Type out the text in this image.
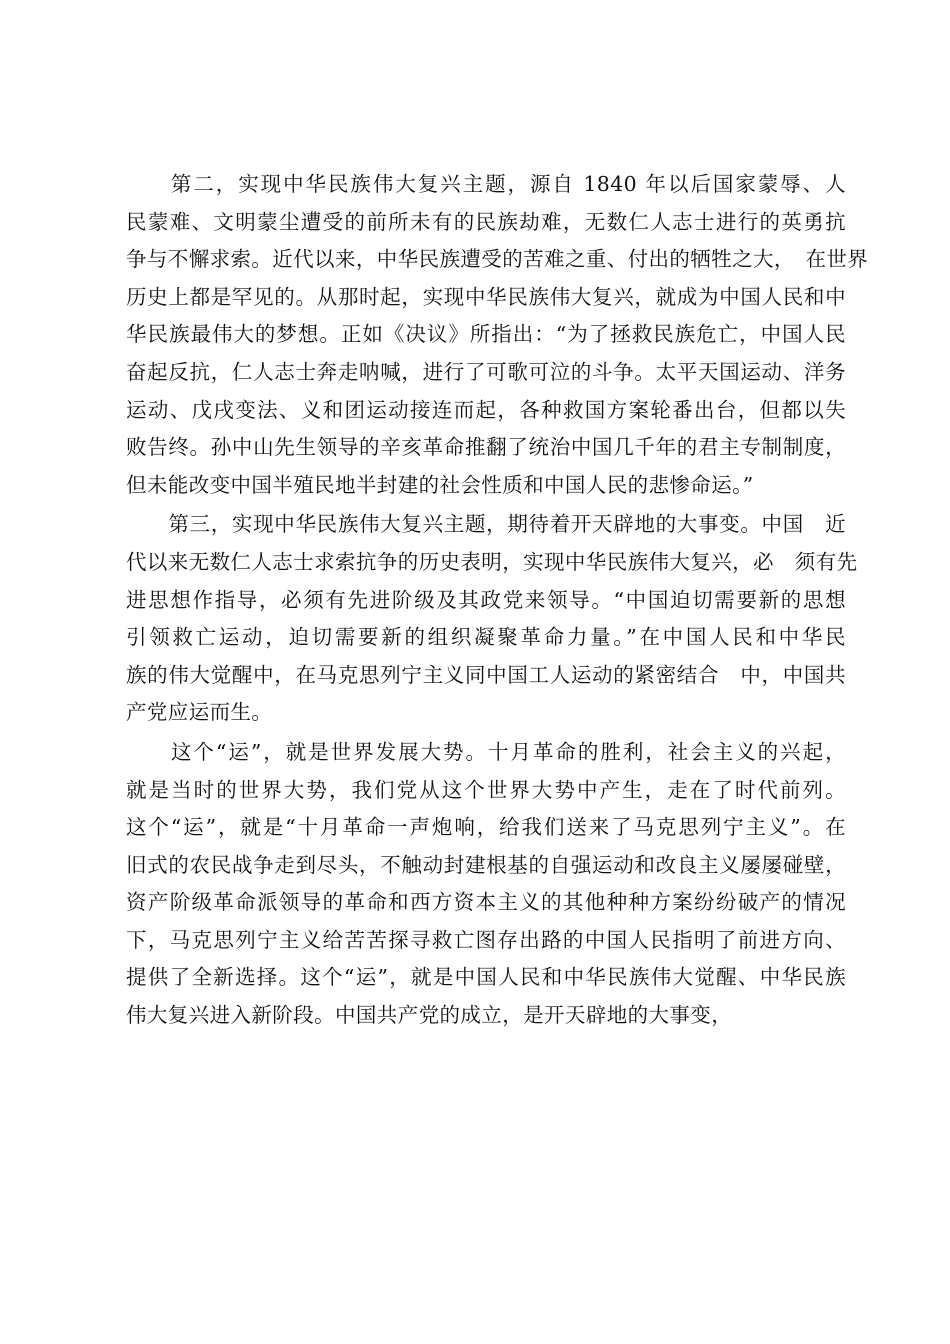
　　第二，实现中华民族伟大复兴主题，源自 1840 年以后国家蒙辱、人
民蒙难、文明蒙尘遭受的前所未有的民族劫难，无数仁人志士进行的英勇抗
争与不懈求索。近代以来，中华民族遭受的苦难之重、付出的牺牲之大，　在世界
历史上都是罕见的。从那时起，实现中华民族伟大复兴，就成为中国人民和中
华民族最伟大的梦想。正如《决议》所指出：“为了拯救民族危亡，中国人民
奋起反抗，仁人志士奔走呐喊，进行了可歌可泣的斗争。太平天国运动、洋务
运动、戊戌变法、义和团运动接连而起，各种救国方案轮番出台，但都以失
败告终。孙中山先生领导的辛亥革命推翻了统治中国几千年的君主专制制度，
但未能改变中国半殖民地半封建的社会性质和中国人民的悲惨命运。”
　　第三，实现中华民族伟大复兴主题，期待着开天辟地的大事变。中国　近
代以来无数仁人志士求索抗争的历史表明，实现中华民族伟大复兴，必　须有先
进思想作指导，必须有先进阶级及其政党来领导。“中国迫切需要新的思想
引领救亡运动，迫切需要新的组织凝聚革命力量。”在中国人民和中华民
族的伟大觉醒中，在马克思列宁主义同中国工人运动的紧密结合　中，中国共
产党应运而生。
　　这个“运”，就是世界发展大势。十月革命的胜利，社会主义的兴起，
就是当时的世界大势，我们党从这个世界大势中产生，走在了时代前列。
这个“运”，就是“十月革命一声炮响，给我们送来了马克思列宁主义”。在
旧式的农民战争走到尽头，不触动封建根基的自强运动和改良主义屡屡碰壁，
资产阶级革命派领导的革命和西方资本主义的其他种种方案纷纷破产的情况
下，马克思列宁主义给苦苦探寻救亡图存出路的中国人民指明了前进方向、
提供了全新选择。这个“运”，就是中国人民和中华民族伟大觉醒、中华民族
伟大复兴进入新阶段。中国共产党的成立，是开天辟地的大事变，
